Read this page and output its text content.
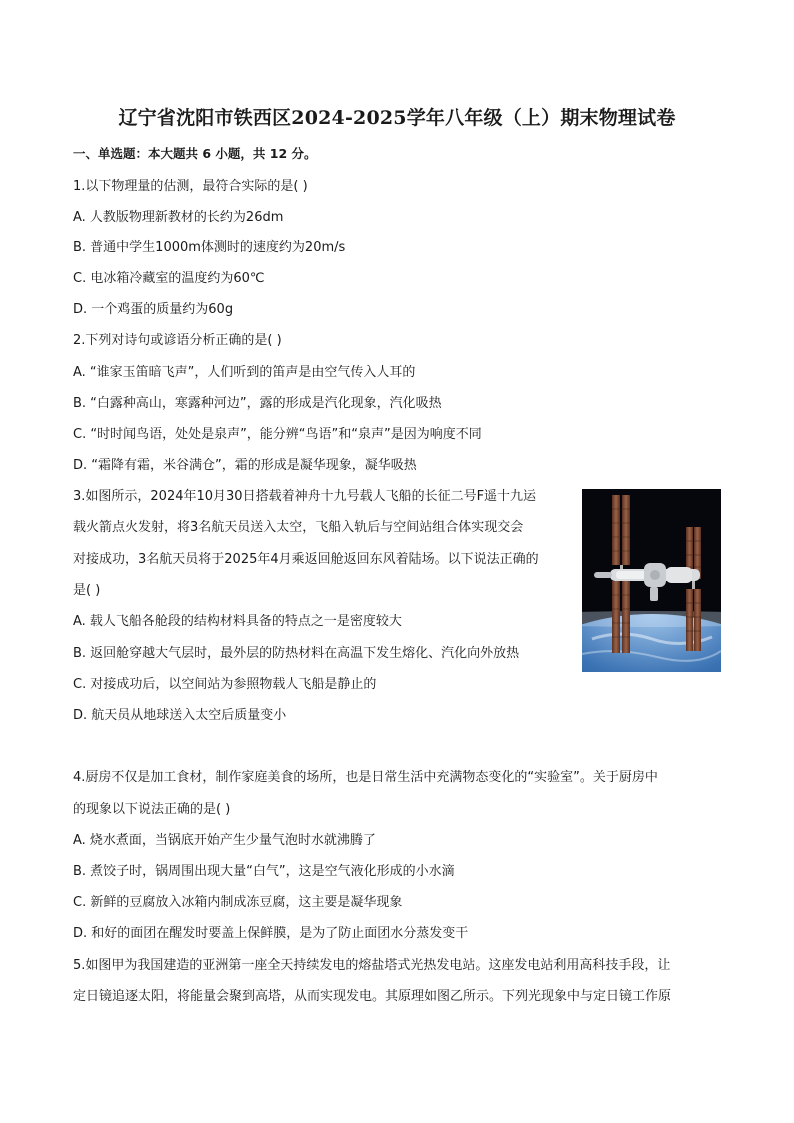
辽宁省沈阳市铁西区2024-2025学年八年级（上）期末物理试卷
一、单选题：本大题共 6 小题，共 12 分。
1.以下物理量的估测，最符合实际的是( )
A. 人教版物理新教材的长约为26dm
B. 普通中学生1000m体测时的速度约为20m/s
C. 电冰箱冷藏室的温度约为60℃
D. 一个鸡蛋的质量约为60g
2.下列对诗句或谚语分析正确的是( )
A. “谁家玉笛暗飞声”，人们听到的笛声是由空气传入人耳的
B. “白露种高山，寒露种河边”，露的形成是汽化现象，汽化吸热
C. “时时闻鸟语，处处是泉声”，能分辨“鸟语”和“泉声”是因为响度不同
D. “霜降有霜，米谷满仓”，霜的形成是凝华现象，凝华吸热
3.如图所示，2024年10月30日搭载着神舟十九号载人飞船的长征二号F遥十九运
载火箭点火发射，将3名航天员送入太空，飞船入轨后与空间站组合体实现交会
对接成功，3名航天员将于2025年4月乘返回舱返回东风着陆场。以下说法正确的
是( )
A. 载人飞船各舱段的结构材料具备的特点之一是密度较大
B. 返回舱穿越大气层时，最外层的防热材料在高温下发生熔化、汽化向外放热
C. 对接成功后，以空间站为参照物载人飞船是静止的
D. 航天员从地球送入太空后质量变小
4.厨房不仅是加工食材，制作家庭美食的场所，也是日常生活中充满物态变化的“实验室”。关于厨房中
的现象以下说法正确的是( )
A. 烧水煮面，当锅底开始产生少量气泡时水就沸腾了
B. 煮饺子时，锅周围出现大量“白气”，这是空气液化形成的小水滴
C. 新鲜的豆腐放入冰箱内制成冻豆腐，这主要是凝华现象
D. 和好的面团在醒发时要盖上保鲜膜，是为了防止面团水分蒸发变干
5.如图甲为我国建造的亚洲第一座全天持续发电的熔盐塔式光热发电站。这座发电站利用高科技手段，让
定日镜追逐太阳，将能量会聚到高塔，从而实现发电。其原理如图乙所示。下列光现象中与定日镜工作原
